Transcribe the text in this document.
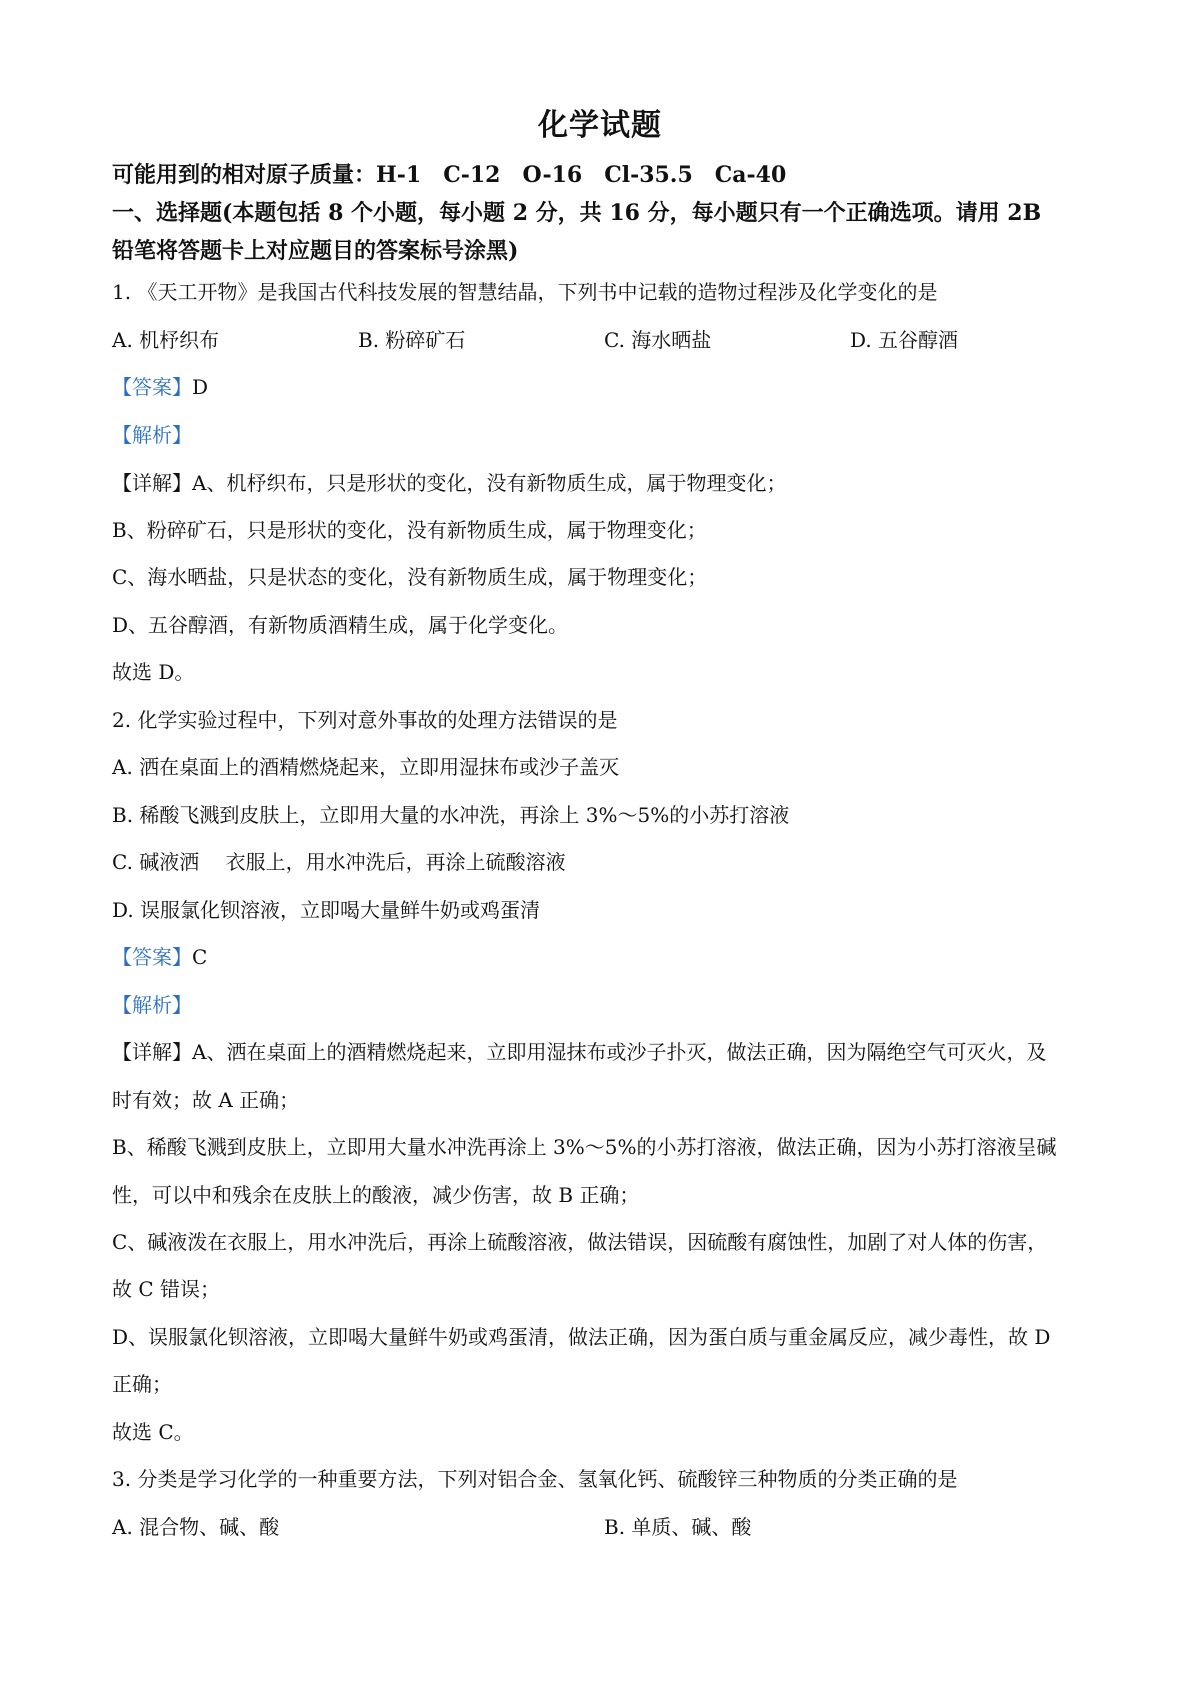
化学试题
可能用到的相对原子质量：H-1　C-12　O-16　Cl-35.5　Ca-40
一、选择题(本题包括 8 个小题，每小题 2 分，共 16 分，每小题只有一个正确选项。请用 2B
铅笔将答题卡上对应题目的答案标号涂黑)
1. 《天工开物》是我国古代科技发展的智慧结晶，下列书中记载的造物过程涉及化学变化的是
A. 机杼织布	B. 粉碎矿石	C. 海水晒盐	D. 五谷醇酒
【答案】D
【解析】
【详解】A、机杼织布，只是形状的变化，没有新物质生成，属于物理变化；
B、粉碎矿石，只是形状的变化，没有新物质生成，属于物理变化；
C、海水晒盐，只是状态的变化，没有新物质生成，属于物理变化；
D、五谷醇酒，有新物质酒精生成，属于化学变化。
故选 D。
2. 化学实验过程中，下列对意外事故的处理方法错误的是
A. 洒在桌面上的酒精燃烧起来，立即用湿抹布或沙子盖灭
B. 稀酸飞溅到皮肤上，立即用大量的水冲洗，再涂上 3%～5%的小苏打溶液
C. 碱液洒　 衣服上，用水冲洗后，再涂上硫酸溶液
D. 误服氯化钡溶液，立即喝大量鲜牛奶或鸡蛋清
【答案】C
【解析】
【详解】A、洒在桌面上的酒精燃烧起来，立即用湿抹布或沙子扑灭，做法正确，因为隔绝空气可灭火，及
时有效；故 A 正确；
B、稀酸飞溅到皮肤上，立即用大量水冲洗再涂上 3%～5%的小苏打溶液，做法正确，因为小苏打溶液呈碱
性，可以中和残余在皮肤上的酸液，减少伤害，故 B 正确；
C、碱液泼在衣服上，用水冲洗后，再涂上硫酸溶液，做法错误，因硫酸有腐蚀性，加剧了对人体的伤害，
故 C 错误；
D、误服氯化钡溶液，立即喝大量鲜牛奶或鸡蛋清，做法正确，因为蛋白质与重金属反应，减少毒性，故 D
正确；
故选 C。
3. 分类是学习化学的一种重要方法，下列对铝合金、氢氧化钙、硫酸锌三种物质的分类正确的是
A. 混合物、碱、酸	B. 单质、碱、酸
